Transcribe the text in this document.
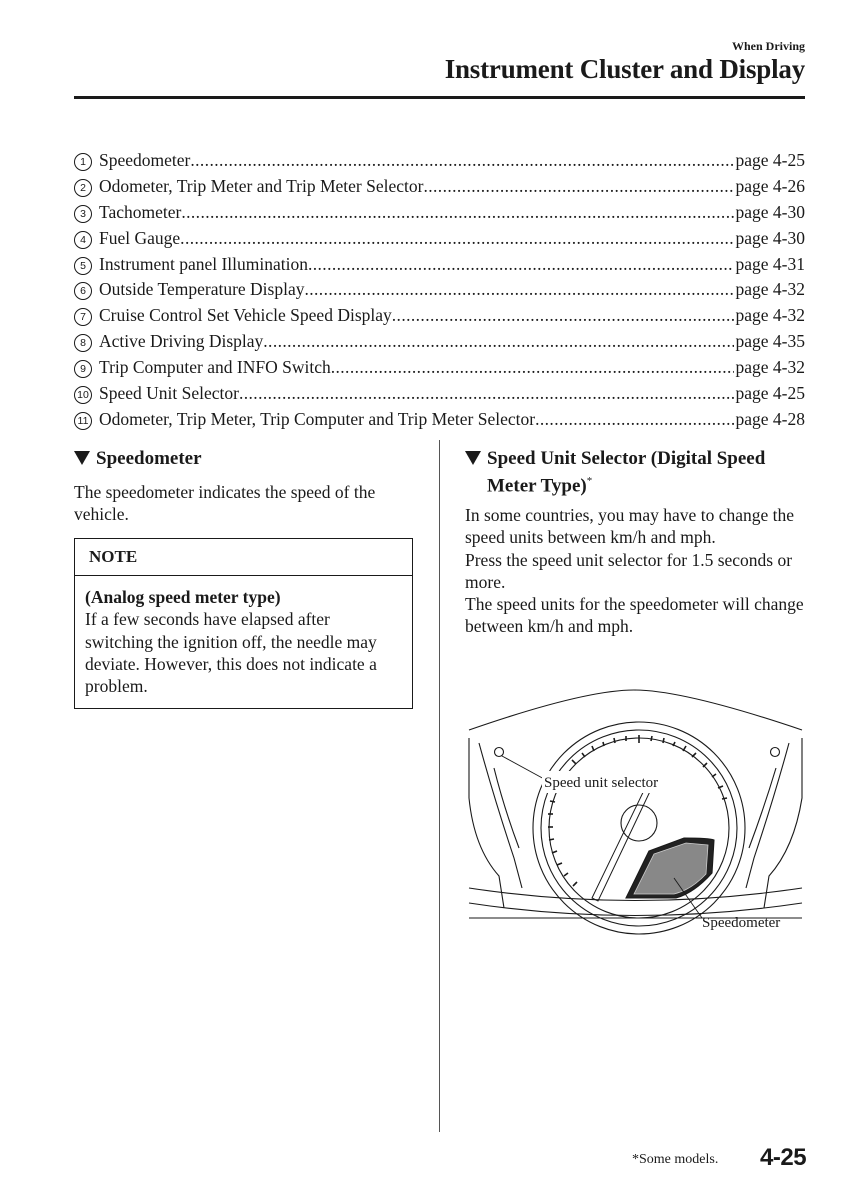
When Driving
Instrument Cluster and Display
1 Speedometer .....	page 4-25
2 Odometer, Trip Meter and Trip Meter Selector .....	page 4-26
3 Tachometer .....	page 4-30
4 Fuel Gauge .....	page 4-30
5 Instrument panel Illumination .....	page 4-31
6 Outside Temperature Display .....	page 4-32
7 Cruise Control Set Vehicle Speed Display .....	page 4-32
8 Active Driving Display .....	page 4-35
9 Trip Computer and INFO Switch .....	page 4-32
10 Speed Unit Selector .....	page 4-25
11 Odometer, Trip Meter, Trip Computer and Trip Meter Selector .....	page 4-28
Speedometer
The speedometer indicates the speed of the vehicle.
NOTE
(Analog speed meter type)
If a few seconds have elapsed after switching the ignition off, the needle may deviate. However, this does not indicate a problem.
Speed Unit Selector (Digital Speed
Meter Type)*
In some countries, you may have to change the speed units between km/h and mph.
Press the speed unit selector for 1.5 seconds or more.
The speed units for the speedometer will change between km/h and mph.
Speed unit selector
Speedometer
*Some models. 4-25
